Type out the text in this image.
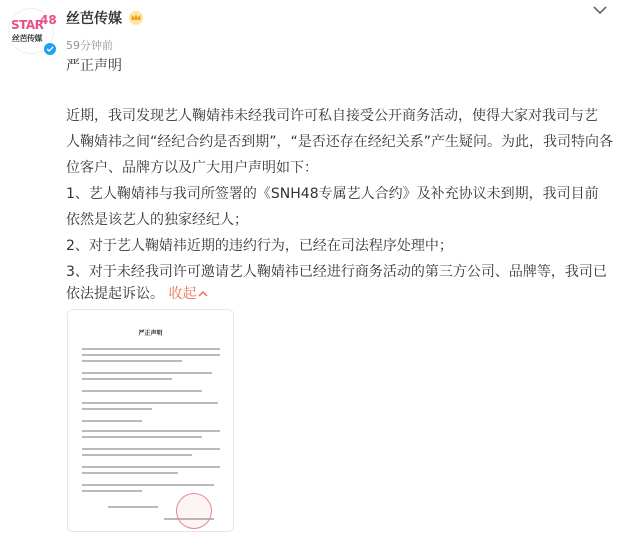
STAR
48
丝芭传媒
丝芭传媒
59分钟前
严正声明
近期，我司发现艺人鞠婧祎未经我司许可私自接受公开商务活动，使得大家对我司与艺
人鞠婧祎之间“经纪合约是否到期”，“是否还存在经纪关系”产生疑问。为此，我司特向各
位客户、品牌方以及广大用户声明如下：
1、艺人鞠婧祎与我司所签署的《SNH48专属艺人合约》及补充协议未到期，我司目前
依然是该艺人的独家经纪人；
2、对于艺人鞠婧祎近期的违约行为，已经在司法程序处理中；
3、对于未经我司许可邀请艺人鞠婧祎已经进行商务活动的第三方公司、品牌等，我司已
依法提起诉讼。 收起
严正声明
